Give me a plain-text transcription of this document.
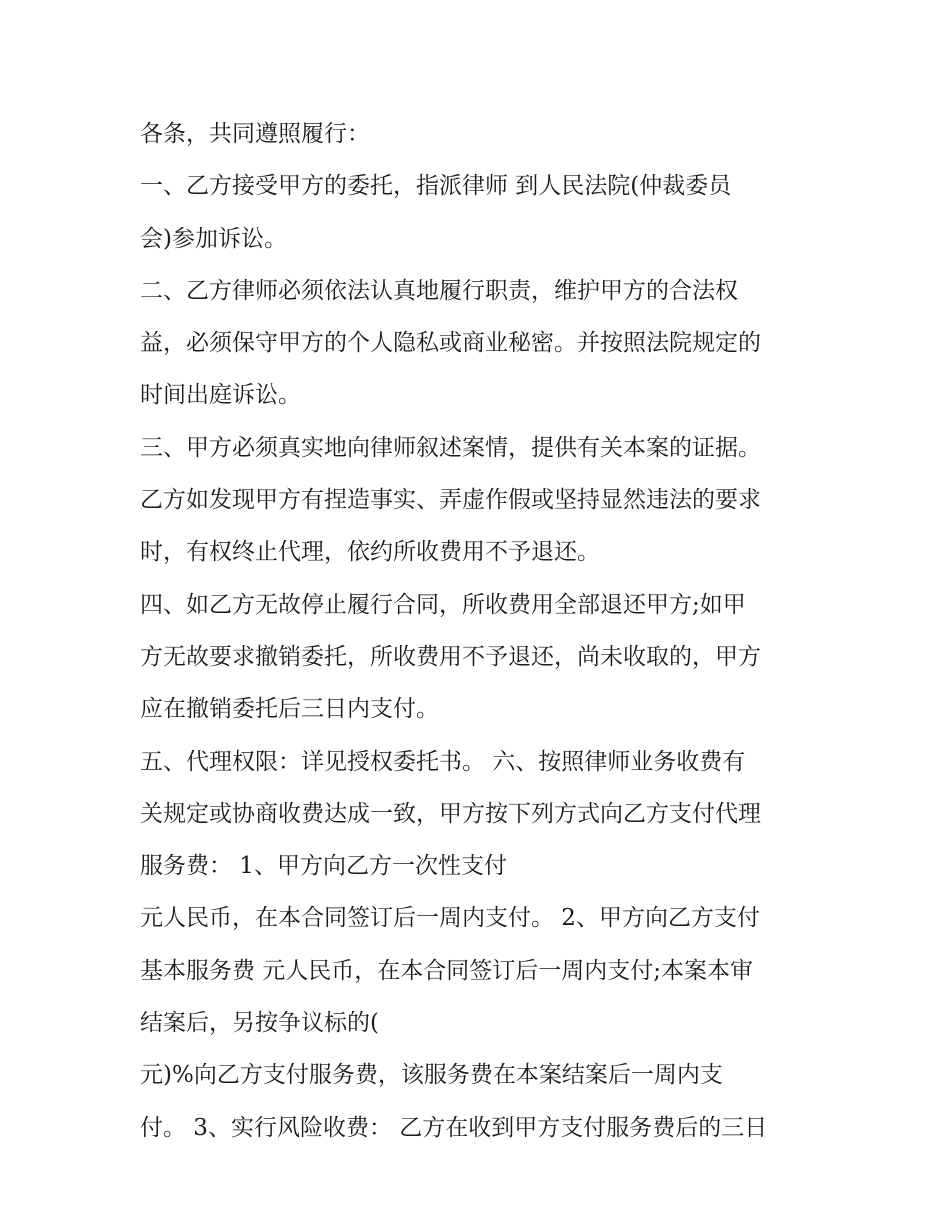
各条，共同遵照履行：
一、乙方接受甲方的委托，指派律师 到人民法院(仲裁委员
会)参加诉讼。
二、乙方律师必须依法认真地履行职责，维护甲方的合法权
益，必须保守甲方的个人隐私或商业秘密。并按照法院规定的
时间出庭诉讼。
三、甲方必须真实地向律师叙述案情，提供有关本案的证据。
乙方如发现甲方有捏造事实、弄虚作假或坚持显然违法的要求
时，有权终止代理，依约所收费用不予退还。
四、如乙方无故停止履行合同，所收费用全部退还甲方;如甲
方无故要求撤销委托，所收费用不予退还，尚未收取的，甲方
应在撤销委托后三日内支付。
五、代理权限：详见授权委托书。 六、按照律师业务收费有
关规定或协商收费达成一致，甲方按下列方式向乙方支付代理
服务费： 1、甲方向乙方一次性支付
元人民币，在本合同签订后一周内支付。 2、甲方向乙方支付
基本服务费 元人民币，在本合同签订后一周内支付;本案本审
结案后，另按争议标的(
元)%向乙方支付服务费，该服务费在本案结案后一周内支
付。 3、实行风险收费： 乙方在收到甲方支付服务费后的三日
